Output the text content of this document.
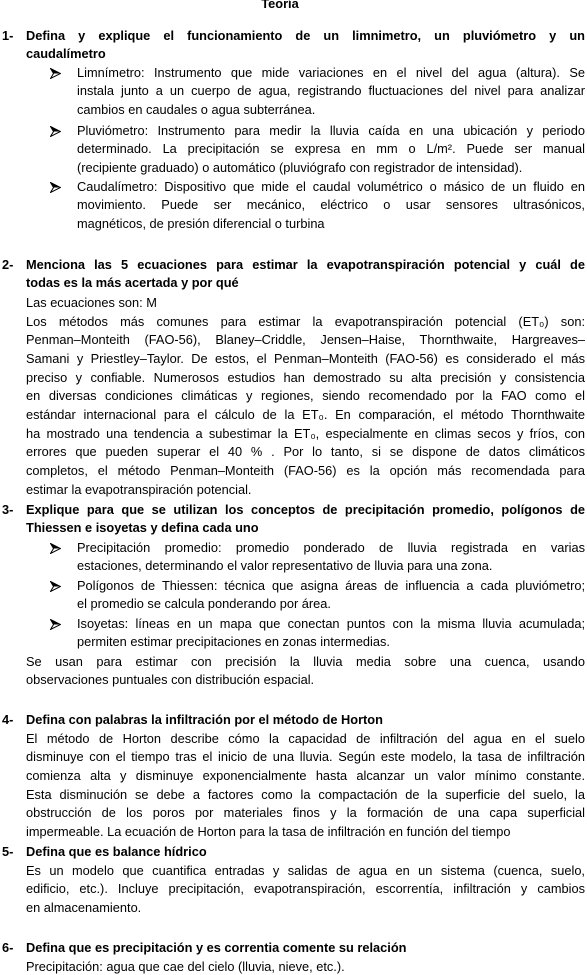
Teoría
1- Defina y explique el funcionamiento de un limnimetro, un pluviómetro y un
caudalímetro
Limnímetro: Instrumento que mide variaciones en el nivel del agua (altura). Se
instala junto a un cuerpo de agua, registrando fluctuaciones del nivel para analizar
cambios en caudales o agua subterránea.
Pluviómetro: Instrumento para medir la lluvia caída en una ubicación y periodo
determinado. La precipitación se expresa en mm o L/m². Puede ser manual
(recipiente graduado) o automático (pluviógrafo con registrador de intensidad).
Caudalímetro: Dispositivo que mide el caudal volumétrico o másico de un fluido en
movimiento. Puede ser mecánico, eléctrico o usar sensores ultrasónicos,
magnéticos, de presión diferencial o turbina
2- Menciona las 5 ecuaciones para estimar la evapotranspiración potencial y cuál de
todas es la más acertada y por qué
Las ecuaciones son: M
Los métodos más comunes para estimar la evapotranspiración potencial (ET₀) son:
Penman–Monteith (FAO-56), Blaney–Criddle, Jensen–Haise, Thornthwaite, Hargreaves–
Samani y Priestley–Taylor. De estos, el Penman–Monteith (FAO-56) es considerado el más
preciso y confiable. Numerosos estudios han demostrado su alta precisión y consistencia
en diversas condiciones climáticas y regiones, siendo recomendado por la FAO como el
estándar internacional para el cálculo de la ET₀. En comparación, el método Thornthwaite
ha mostrado una tendencia a subestimar la ET₀, especialmente en climas secos y fríos, con
errores que pueden superar el 40 % . Por lo tanto, si se dispone de datos climáticos
completos, el método Penman–Monteith (FAO-56) es la opción más recomendada para
estimar la evapotranspiración potencial.
3- Explique para que se utilizan los conceptos de precipitación promedio, polígonos de
Thiessen e isoyetas y defina cada uno
Precipitación promedio: promedio ponderado de lluvia registrada en varias
estaciones, determinando el valor representativo de lluvia para una zona.
Polígonos de Thiessen: técnica que asigna áreas de influencia a cada pluviómetro;
el promedio se calcula ponderando por área.
Isoyetas: líneas en un mapa que conectan puntos con la misma lluvia acumulada;
permiten estimar precipitaciones en zonas intermedias.
Se usan para estimar con precisión la lluvia media sobre una cuenca, usando
observaciones puntuales con distribución espacial.
4- Defina con palabras la infiltración por el método de Horton
El método de Horton describe cómo la capacidad de infiltración del agua en el suelo
disminuye con el tiempo tras el inicio de una lluvia. Según este modelo, la tasa de infiltración
comienza alta y disminuye exponencialmente hasta alcanzar un valor mínimo constante.
Esta disminución se debe a factores como la compactación de la superficie del suelo, la
obstrucción de los poros por materiales finos y la formación de una capa superficial
impermeable. La ecuación de Horton para la tasa de infiltración en función del tiempo
5- Defina que es balance hídrico
Es un modelo que cuantifica entradas y salidas de agua en un sistema (cuenca, suelo,
edificio, etc.). Incluye precipitación, evapotranspiración, escorrentía, infiltración y cambios
en almacenamiento.
6- Defina que es precipitación y es correntia comente su relación
Precipitación: agua que cae del cielo (lluvia, nieve, etc.).
